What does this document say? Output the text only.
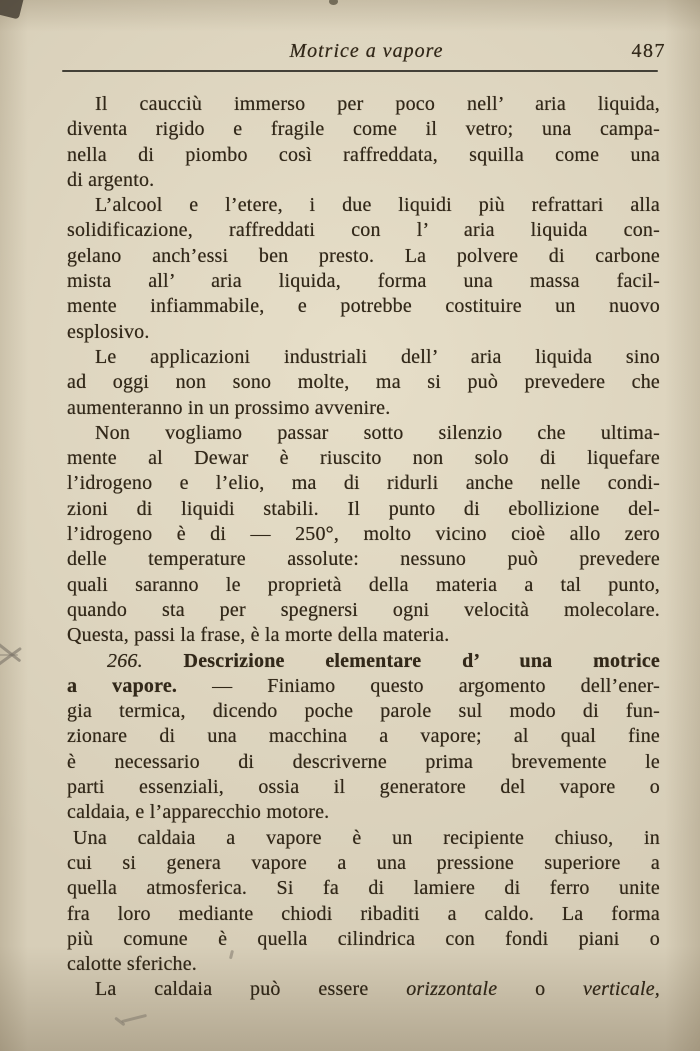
Motrice a vapore	487
Il caucciù immerso per poco nell’ aria liquida,
diventa rigido e fragile come il vetro; una campa-
nella di piombo così raffreddata, squilla come una
di argento.
L’alcool e l’etere, i due liquidi più refrattari alla
solidificazione, raffreddati con l’ aria liquida con-
gelano anch’essi ben presto. La polvere di carbone
mista all’ aria liquida, forma una massa facil-
mente infiammabile, e potrebbe costituire un nuovo
esplosivo.
Le applicazioni industriali dell’ aria liquida sino
ad oggi non sono molte, ma si può prevedere che
aumenteranno in un prossimo avvenire.
Non vogliamo passar sotto silenzio che ultima-
mente al Dewar è riuscito non solo di liquefare
l’idrogeno e l’elio, ma di ridurli anche nelle condi-
zioni di liquidi stabili. Il punto di ebollizione del-
l’idrogeno è di — 250°, molto vicino cioè allo zero
delle temperature assolute: nessuno può prevedere
quali saranno le proprietà della materia a tal punto,
quando sta per spegnersi ogni velocità molecolare.
Questa, passi la frase, è la morte della materia.
266. Descrizione elementare d’ una motrice
a vapore. — Finiamo questo argomento dell’ener-
gia termica, dicendo poche parole sul modo di fun-
zionare di una macchina a vapore; al qual fine
è necessario di descriverne prima brevemente le
parti essenziali, ossia il generatore del vapore o
caldaia, e l’apparecchio motore.
Una caldaia a vapore è un recipiente chiuso, in
cui si genera vapore a una pressione superiore a
quella atmosferica. Si fa di lamiere di ferro unite
fra loro mediante chiodi ribaditi a caldo. La forma
più comune è quella cilindrica con fondi piani o
calotte sferiche.
La caldaia può essere orizzontale o verticale,
